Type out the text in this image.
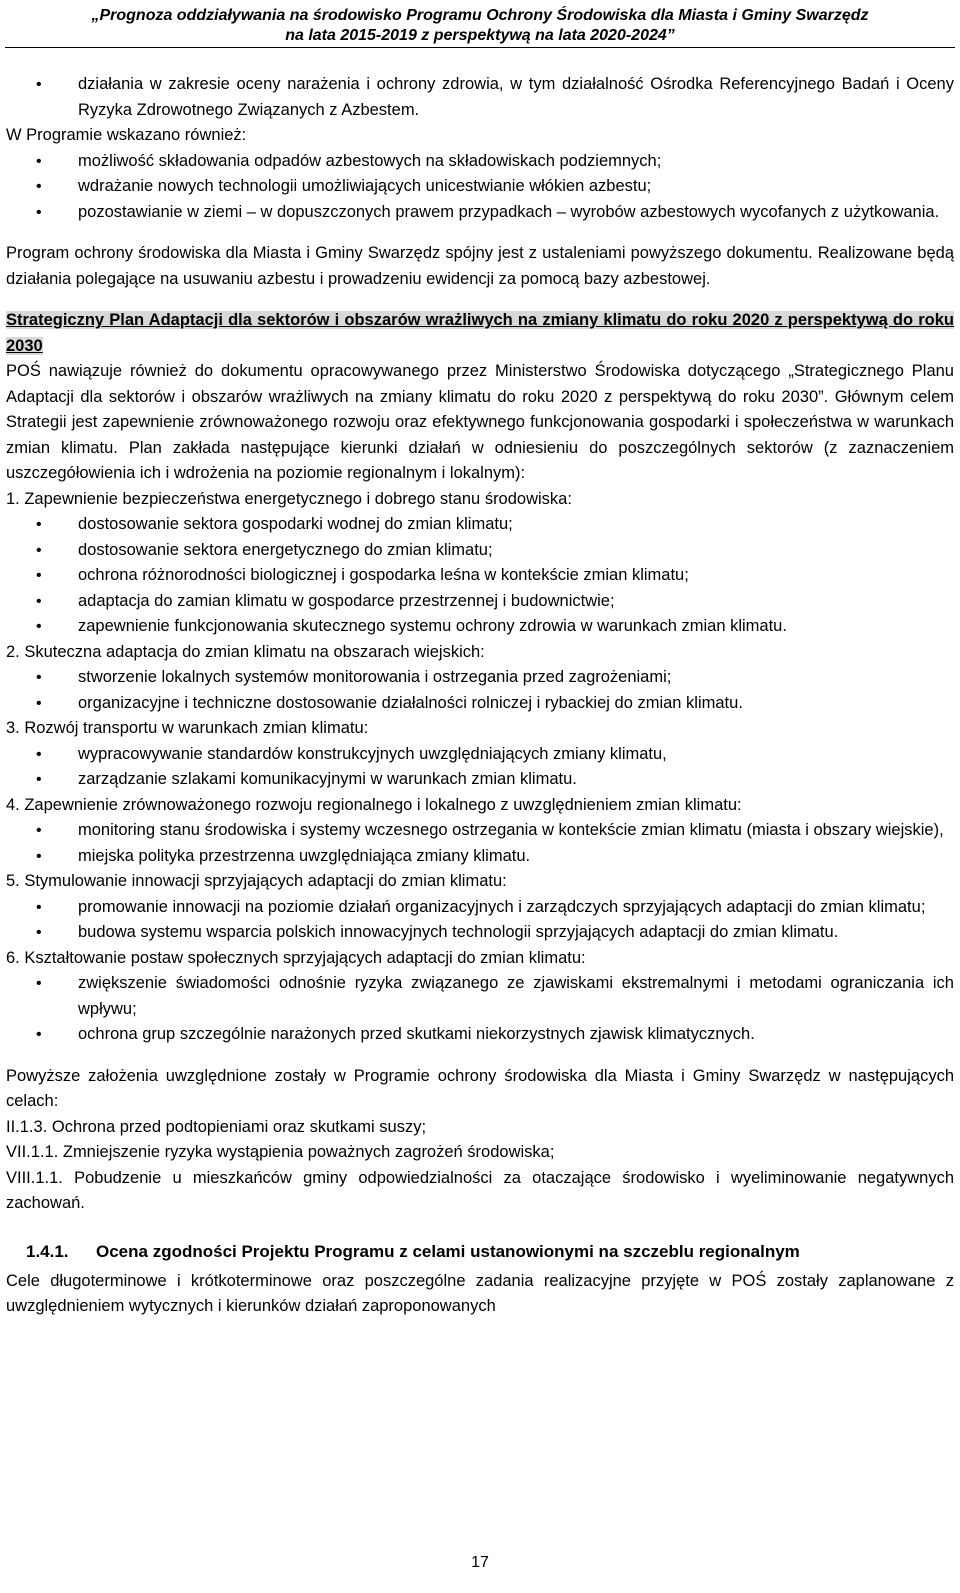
„Prognoza oddziaływania na środowisko Programu Ochrony Środowiska dla Miasta i Gminy Swarzędz
na lata 2015-2019 z perspektywą na lata 2020-2024”
• działania w zakresie oceny narażenia i ochrony zdrowia, w tym działalność Ośrodka Referencyjnego Badań i Oceny Ryzyka Zdrowotnego Związanych z Azbestem.

W Programie wskazano również:

• możliwość składowania odpadów azbestowych na składowiskach podziemnych;
• wdrażanie nowych technologii umożliwiających unicestwianie włókien azbestu;
• pozostawianie w ziemi – w dopuszczonych prawem przypadkach – wyrobów azbestowych wycofanych z użytkowania.

Program ochrony środowiska dla Miasta i Gminy Swarzędz spójny jest z ustaleniami powyższego dokumentu. Realizowane będą działania polegające na usuwaniu azbestu i prowadzeniu ewidencji za pomocą bazy azbestowej.

Strategiczny Plan Adaptacji dla sektorów i obszarów wrażliwych na zmiany klimatu do roku 2020 z perspektywą do roku 2030

POŚ nawiązuje również do dokumentu opracowywanego przez Ministerstwo Środowiska dotyczącego „Strategicznego Planu Adaptacji dla sektorów i obszarów wrażliwych na zmiany klimatu do roku 2020 z perspektywą do roku 2030”. Głównym celem Strategii jest zapewnienie zrównoważonego rozwoju oraz efektywnego funkcjonowania gospodarki i społeczeństwa w warunkach zmian klimatu. Plan zakłada następujące kierunki działań w odniesieniu do poszczególnych sektorów (z zaznaczeniem uszczegółowienia ich i wdrożenia na poziomie regionalnym i lokalnym):

1. Zapewnienie bezpieczeństwa energetycznego i dobrego stanu środowiska:

• dostosowanie sektora gospodarki wodnej do zmian klimatu;
• dostosowanie sektora energetycznego do zmian klimatu;
• ochrona różnorodności biologicznej i gospodarka leśna w kontekście zmian klimatu;
• adaptacja do zamian klimatu w gospodarce przestrzennej i budownictwie;
• zapewnienie funkcjonowania skutecznego systemu ochrony zdrowia w warunkach zmian klimatu.

2. Skuteczna adaptacja do zmian klimatu na obszarach wiejskich:

• stworzenie lokalnych systemów monitorowania i ostrzegania przed zagrożeniami;
• organizacyjne i techniczne dostosowanie działalności rolniczej i rybackiej do zmian klimatu.

3. Rozwój transportu w warunkach zmian klimatu:

• wypracowywanie standardów konstrukcyjnych uwzględniających zmiany klimatu,
• zarządzanie szlakami komunikacyjnymi w warunkach zmian klimatu.

4. Zapewnienie zrównoważonego rozwoju regionalnego i lokalnego z uwzględnieniem zmian klimatu:

• monitoring stanu środowiska i systemy wczesnego ostrzegania w kontekście zmian klimatu (miasta i obszary wiejskie),
• miejska polityka przestrzenna uwzględniająca zmiany klimatu.

5. Stymulowanie innowacji sprzyjających adaptacji do zmian klimatu:

• promowanie innowacji na poziomie działań organizacyjnych i zarządczych sprzyjających adaptacji do zmian klimatu;
• budowa systemu wsparcia polskich innowacyjnych technologii sprzyjających adaptacji do zmian klimatu.

6. Kształtowanie postaw społecznych sprzyjających adaptacji do zmian klimatu:

• zwiększenie świadomości odnośnie ryzyka związanego ze zjawiskami ekstremalnymi i metodami ograniczania ich wpływu;
• ochrona grup szczególnie narażonych przed skutkami niekorzystnych zjawisk klimatycznych.

Powyższe założenia uwzględnione zostały w Programie ochrony środowiska dla Miasta i Gminy Swarzędz w następujących celach:

II.1.3. Ochrona przed podtopieniami oraz skutkami suszy;

VII.1.1. Zmniejszenie ryzyka wystąpienia poważnych zagrożeń środowiska;

VIII.1.1. Pobudzenie u mieszkańców gminy odpowiedzialności za otaczające środowisko i wyeliminowanie negatywnych zachowań.

1.4.1.	Ocena zgodności Projektu Programu z celami ustanowionymi na szczeblu regionalnym

Cele długoterminowe i krótkoterminowe oraz poszczególne zadania realizacyjne przyjęte w POŚ zostały zaplanowane z uwzględnieniem wytycznych i kierunków działań zaproponowanych

17
